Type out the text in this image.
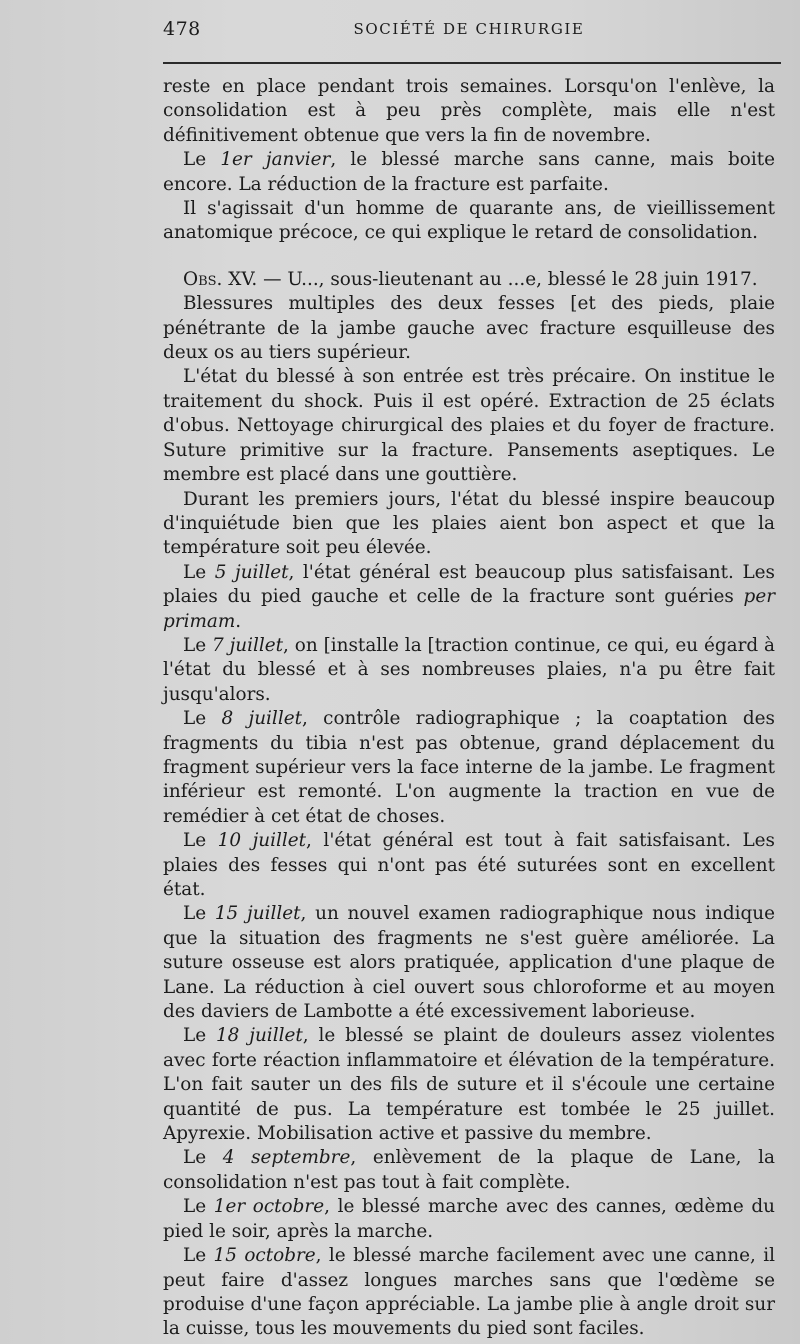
478	SOCIÉTÉ DE CHIRURGIE

reste en place pendant trois semaines. Lorsqu'on l'enlève, la consolidation est à peu près complète, mais elle n'est définitivement obtenue que vers la fin de novembre.

Le 1er janvier, le blessé marche sans canne, mais boite encore. La réduction de la fracture est parfaite.

Il s'agissait d'un homme de quarante ans, de vieillissement anatomique précoce, ce qui explique le retard de consolidation.

Obs. XV. — U..., sous-lieutenant au ...e, blessé le 28 juin 1917.

Blessures multiples des deux fesses [et des pieds, plaie pénétrante de la jambe gauche avec fracture esquilleuse des deux os au tiers supérieur.

L'état du blessé à son entrée est très précaire. On institue le traitement du shock. Puis il est opéré. Extraction de 25 éclats d'obus. Nettoyage chirurgical des plaies et du foyer de fracture. Suture primitive sur la fracture. Pansements aseptiques. Le membre est placé dans une gouttière.

Durant les premiers jours, l'état du blessé inspire beaucoup d'inquiétude bien que les plaies aient bon aspect et que la température soit peu élevée.

Le 5 juillet, l'état général est beaucoup plus satisfaisant. Les plaies du pied gauche et celle de la fracture sont guéries per primam.

Le 7 juillet, on [installe la [traction continue, ce qui, eu égard à l'état du blessé et à ses nombreuses plaies, n'a pu être fait jusqu'alors.

Le 8 juillet, contrôle radiographique ; la coaptation des fragments du tibia n'est pas obtenue, grand déplacement du fragment supérieur vers la face interne de la jambe. Le fragment inférieur est remonté. L'on augmente la traction en vue de remédier à cet état de choses.

Le 10 juillet, l'état général est tout à fait satisfaisant. Les plaies des fesses qui n'ont pas été suturées sont en excellent état.

Le 15 juillet, un nouvel examen radiographique nous indique que la situation des fragments ne s'est guère améliorée. La suture osseuse est alors pratiquée, application d'une plaque de Lane. La réduction à ciel ouvert sous chloroforme et au moyen des daviers de Lambotte a été excessivement laborieuse.

Le 18 juillet, le blessé se plaint de douleurs assez violentes avec forte réaction inflammatoire et élévation de la température. L'on fait sauter un des fils de suture et il s'écoule une certaine quantité de pus. La température est tombée le 25 juillet. Apyrexie. Mobilisation active et passive du membre.

Le 4 septembre, enlèvement de la plaque de Lane, la consolidation n'est pas tout à fait complète.

Le 1er octobre, le blessé marche avec des cannes, œdème du pied le soir, après la marche.

Le 15 octobre, le blessé marche facilement avec une canne, il peut faire d'assez longues marches sans que l'œdème se produise d'une façon appréciable. La jambe plie à angle droit sur la cuisse, tous les mouvements du pied sont faciles.
